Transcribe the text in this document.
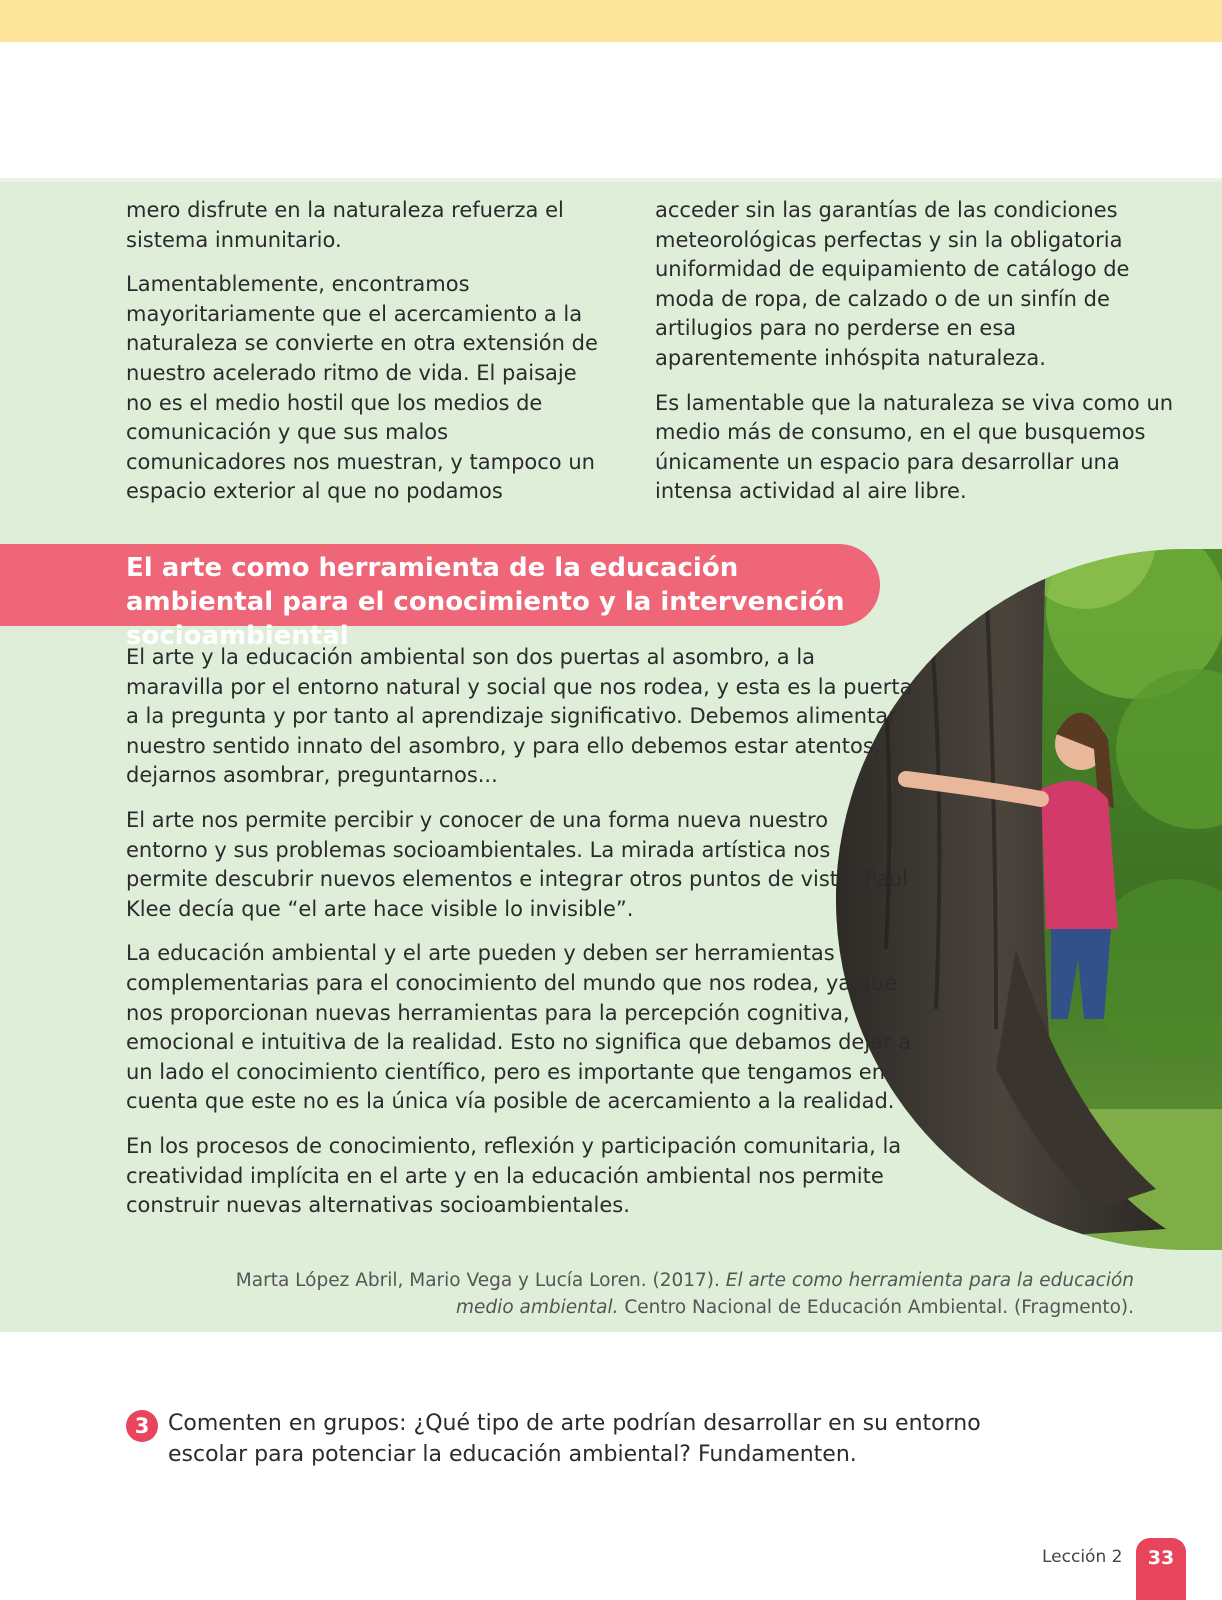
mero disfrute en la naturaleza refuerza el sistema inmunitario.

Lamentablemente, encontramos mayoritariamente que el acercamiento a la naturaleza se convierte en otra extensión de nuestro acelerado ritmo de vida. El paisaje no es el medio hostil que los medios de comunicación y que sus malos comunicadores nos muestran, y tampoco un espacio exterior al que no podamos

acceder sin las garantías de las condiciones meteorológicas perfectas y sin la obligatoria uniformidad de equipamiento de catálogo de moda de ropa, de calzado o de un sinfín de artilugios para no perderse en esa aparentemente inhóspita naturaleza.

Es lamentable que la naturaleza se viva como un medio más de consumo, en el que busquemos únicamente un espacio para desarrollar una intensa actividad al aire libre.

El arte como herramienta de la educación ambiental para el conocimiento y la intervención socioambiental

El arte y la educación ambiental son dos puertas al asombro, a la maravilla por el entorno natural y social que nos rodea, y esta es la puerta a la pregunta y por tanto al aprendizaje significativo. Debemos alimentar nuestro sentido innato del asombro, y para ello debemos estar atentos, dejarnos asombrar, preguntarnos...

El arte nos permite percibir y conocer de una forma nueva nuestro entorno y sus problemas socioambientales. La mirada artística nos permite descubrir nuevos elementos e integrar otros puntos de vista. Paul Klee decía que “el arte hace visible lo invisible”.

La educación ambiental y el arte pueden y deben ser herramientas complementarias para el conocimiento del mundo que nos rodea, ya que nos proporcionan nuevas herramientas para la percepción cognitiva, emocional e intuitiva de la realidad. Esto no significa que debamos dejar a un lado el conocimiento científico, pero es importante que tengamos en cuenta que este no es la única vía posible de acercamiento a la realidad.

En los procesos de conocimiento, reflexión y participación comunitaria, la creatividad implícita en el arte y en la educación ambiental nos permite construir nuevas alternativas socioambientales.

Marta López Abril, Mario Vega y Lucía Loren. (2017). El arte como herramienta para la educación medio ambiental. Centro Nacional de Educación Ambiental. (Fragmento).
3 Comenten en grupos: ¿Qué tipo de arte podrían desarrollar en su entorno escolar para potenciar la educación ambiental? Fundamenten.
Lección 2	33
